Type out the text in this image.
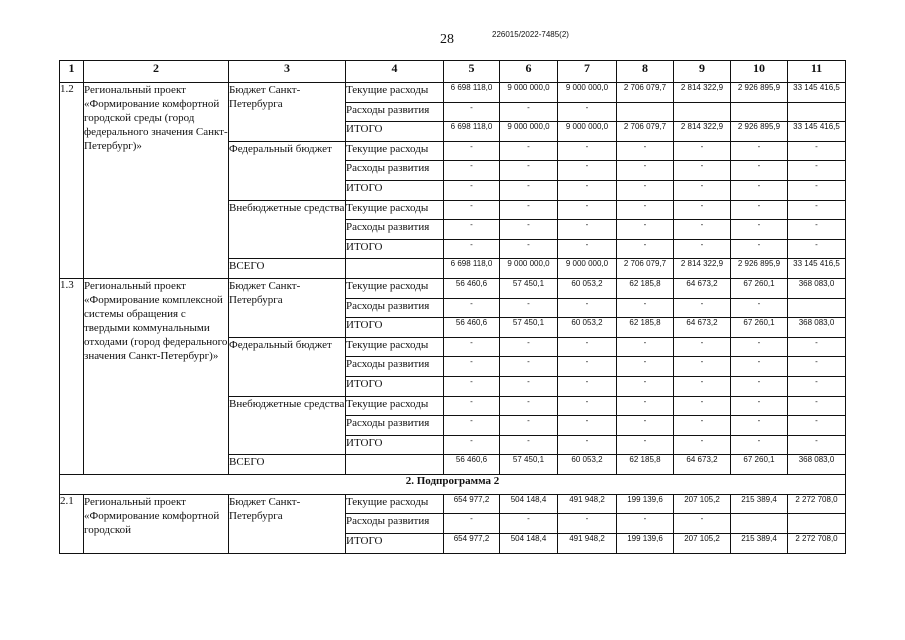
28	226015/2022-7485(2)
1	2	3	4	5	6	7	8	9	10	11
1.2	Региональный проект «Формирование комфортной городской среды (город федерального значения Санкт-Петербург)»	Бюджет Санкт-Петербурга	Текущие расходы	6 698 118,0	9 000 000,0	9 000 000,0	2 706 079,7	2 814 322,9	2 926 895,9	33 145 416,5
			Расходы развития	-	-	-				
			ИТОГО	6 698 118,0	9 000 000,0	9 000 000,0	2 706 079,7	2 814 322,9	2 926 895,9	33 145 416,5
		Федеральный бюджет	Текущие расходы	-	-	-	-	-	-	-
			Расходы развития	-	-	-	-	-	-	-
			ИТОГО	-	-	-	-	-	-	-
		Внебюджетные средства	Текущие расходы	-	-	-	-	-	-	-
			Расходы развития	-	-	-	-	-	-	-
			ИТОГО	-	-	-	-	-	-	-
		ВСЕГО		6 698 118,0	9 000 000,0	9 000 000,0	2 706 079,7	2 814 322,9	2 926 895,9	33 145 416,5
1.3	Региональный проект «Формирование комплексной системы обращения с твердыми коммунальными отходами (город федерального значения Санкт-Петербург)»	Бюджет Санкт-Петербурга	Текущие расходы	56 460,6	57 450,1	60 053,2	62 185,8	64 673,2	67 260,1	368 083,0
			Расходы развития	-	-	-	-	-	-	
			ИТОГО	56 460,6	57 450,1	60 053,2	62 185,8	64 673,2	67 260,1	368 083,0
		Федеральный бюджет	Текущие расходы	-	-	-	-	-	-	-
			Расходы развития	-	-	-	-	-	-	-
			ИТОГО	-	-	-	-	-	-	-
		Внебюджетные средства	Текущие расходы	-	-	-	-	-	-	-
			Расходы развития	-	-	-	-	-	-	-
			ИТОГО	-	-	-	-	-	-	-
		ВСЕГО		56 460,6	57 450,1	60 053,2	62 185,8	64 673,2	67 260,1	368 083,0
2. Подпрограмма 2										
2.1	Региональный проект «Формирование комфортной городской	Бюджет Санкт-Петербурга	Текущие расходы	654 977,2	504 148,4	491 948,2	199 139,6	207 105,2	215 389,4	2 272 708,0
			Расходы развития	-	-	-	-	-		
			ИТОГО	654 977,2	504 148,4	491 948,2	199 139,6	207 105,2	215 389,4	2 272 708,0
